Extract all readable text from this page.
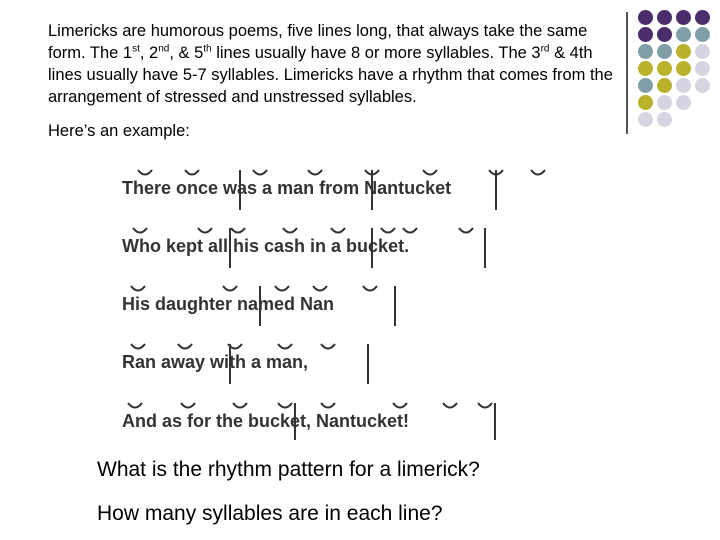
Limericks are humorous poems, five lines long, that always take the same form. The 1st, 2nd, & 5th lines usually have 8 or more syllables. The 3rd & 4th lines usually have 5-7 syllables. Limericks have a rhythm that comes from the arrangement of stressed and unstressed syllables.

Here’s an example:

There once was a man from Nantucket
Who kept all his cash in a bucket.
His daughter named Nan
Ran away with a man,
And as for the bucket, Nantucket!

What is the rhythm pattern for a limerick?

How many syllables are in each line?
